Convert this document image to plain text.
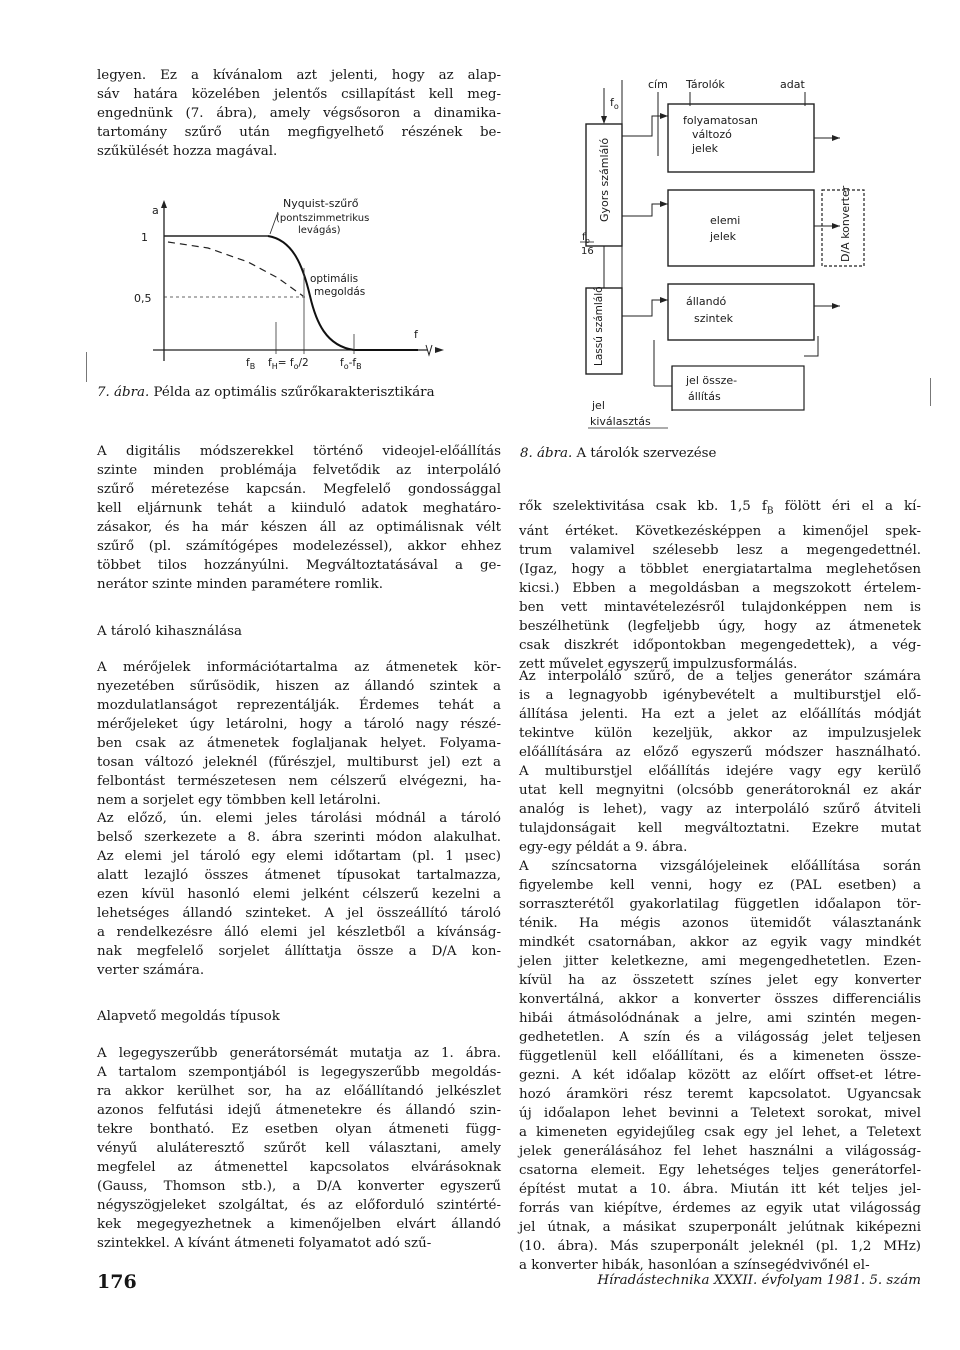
legyen. Ez a kívánalom azt jelenti, hogy az alap-
sáv határa közelében jelentős csillapítást kell meg-
engednünk (7. ábra), amely végsősoron a dinamika-
tartomány szűrő után megfigyelhető részének be-
szűkülését hozza magával.
a
1
0,5
Nyquist-szűrő
(pontszimmetrikus
levágás)
optimális
megoldás
f
$f_B$ $f_H= f_o/2$	$f_o-f_B$

7. ábra. Példa az optimális szűrőkarakterisztikára

$f_o$
Gyors számláló
cím Tárolók	adat
folyamatosan
változó
jelek
$f_o$
16
elemi
jelek	D/A konverter
Lassú számláló	állandó
szintek
jel össze-
állítás
jel
kiválasztás

8. ábra. A tárolók szervezése

A digitális módszerekkel történő videojel-előállítás
szinte minden problémája felvetődik az interpoláló
szűrő méretezése kapcsán. Megfelelő gondossággal
kell eljárnunk tehát a kiinduló adatok meghatáro-
zásakor, és ha már készen áll az optimálisnak vélt
szűrő (pl. számítógépes modelezéssel), akkor ehhez
többet tilos hozzányúlni. Megváltoztatásával a ge-
nerátor szinte minden paramétere romlik.
A tároló kihasználása
A mérőjelek információtartalma az átmenetek kör-
nyezetében sűrűsödik, hiszen az állandó szintek a
mozdulatlanságot reprezentálják. Érdemes tehát a
mérőjeleket úgy letárolni, hogy a tároló nagy részé-
ben csak az átmenetek foglaljanak helyet. Folyama-
tosan változó jeleknél (fűrészjel, multiburst jel) ezt a
felbontást természetesen nem célszerű elvégezni, ha-
nem a sorjelet egy tömbben kell letárolni.
Az előző, ún. elemi jeles tárolási módnál a tároló
belső szerkezete a 8. ábra szerinti módon alakulhat.
Az elemi jel tároló egy elemi időtartam (pl. 1 μsec)
alatt lezajló összes átmenet típusokat tartalmazza,
ezen kívül hasonló elemi jelként célszerű kezelni a
lehetséges állandó szinteket. A jel összeállító tároló
a rendelkezésre álló elemi jel készletből a kívánság-
nak megfelelő sorjelet állíttatja össze a D/A kon-
verter számára.
Alapvető megoldás típusok
A legegyszerűbb generátorsémát mutatja az 1. ábra.
A tartalom szempontjából is legegyszerűbb megoldás-
ra akkor kerülhet sor, ha az előállítandó jelkészlet
azonos felfutási idejű átmenetekre és állandó szin-
tekre bontható. Ez esetben olyan átmeneti függ-
vényű aluláteresztő szűrőt kell választani, amely
megfelel az átmenettel kapcsolatos elvárásoknak
(Gauss, Thomson stb.), a D/A konverter egyszerű
négyszögjeleket szolgáltat, és az előforduló szintérté-
kek megegyezhetnek a kimenőjelben elvárt állandó
szintekkel. A kívánt átmeneti folyamatot adó szű-
rők szelektivitása csak kb. 1,5 $f_B$ fölött éri el a kí-
vánt értéket. Következésképpen a kimenőjel spek-
trum valamivel szélesebb lesz a megengedettnél.
(Igaz, hogy a többlet energiatartalma meglehetősen
kicsi.) Ebben a megoldásban a megszokott értelem-
ben vett mintavételezésről tulajdonképpen nem is
beszélhetünk (legfeljebb úgy, hogy az átmenetek
csak diszkrét időpontokban megengedettek), a vég-
zett művelet egyszerű impulzusformálás.
Az interpoláló szűrő, de a teljes generátor számára
is a legnagyobb igénybevételt a multiburstjel elő-
állítása jelenti. Ha ezt a jelet az előállítás módját
tekintve külön kezeljük, akkor az impulzusjelek
előállítására az előző egyszerű módszer használható.
A multiburstjel előállítás idejére vagy egy kerülő
utat kell megnyitni (olcsóbb generátoroknál ez akár
analóg is lehet), vagy az interpoláló szűrő átviteli
tulajdonságait kell megváltoztatni. Ezekre mutat
egy-egy példát a 9. ábra.
A színcsatorna vizsgálójeleinek előállítása során
figyelembe kell venni, hogy ez (PAL esetben) a
sorraszterétől gyakorlatilag független időalapon tör-
ténik. Ha mégis azonos ütemidőt választanánk
mindkét csatornában, akkor az egyik vagy mindkét
jelen jitter keletkezne, ami megengedhetetlen. Ezen-
kívül ha az összetett színes jelet egy konverter
konvertálná, akkor a konverter összes differenciális
hibái átmásolódnának a jelre, ami szintén megen-
gedhetetlen. A szín és a világosság jelet teljesen
függetlenül kell előállítani, és a kimeneten össze-
gezni. A két időalap között az előírt offset-et létre-
hozó áramköri rész teremt kapcsolatot. Ugyancsak
új időalapon lehet bevinni a Teletext sorokat, mivel
a kimeneten egyidejűleg csak egy jel lehet, a Teletext
jelek generálásához fel lehet használni a világosság-
csatorna elemeit. Egy lehetséges teljes generátorfel-
építést mutat a 10. ábra. Miután itt két teljes jel-
forrás van kiépítve, érdemes az egyik utat világosság
jel útnak, a másikat szuperponált jelútnak kiképezni
(10. ábra). Más szuperponált jeleknél (pl. 1,2 MHz)
a konverter hibák, hasonlóan a színsegédvivőnél el-

176	Híradástechnika XXXII. évfolyam 1981. 5. szám
